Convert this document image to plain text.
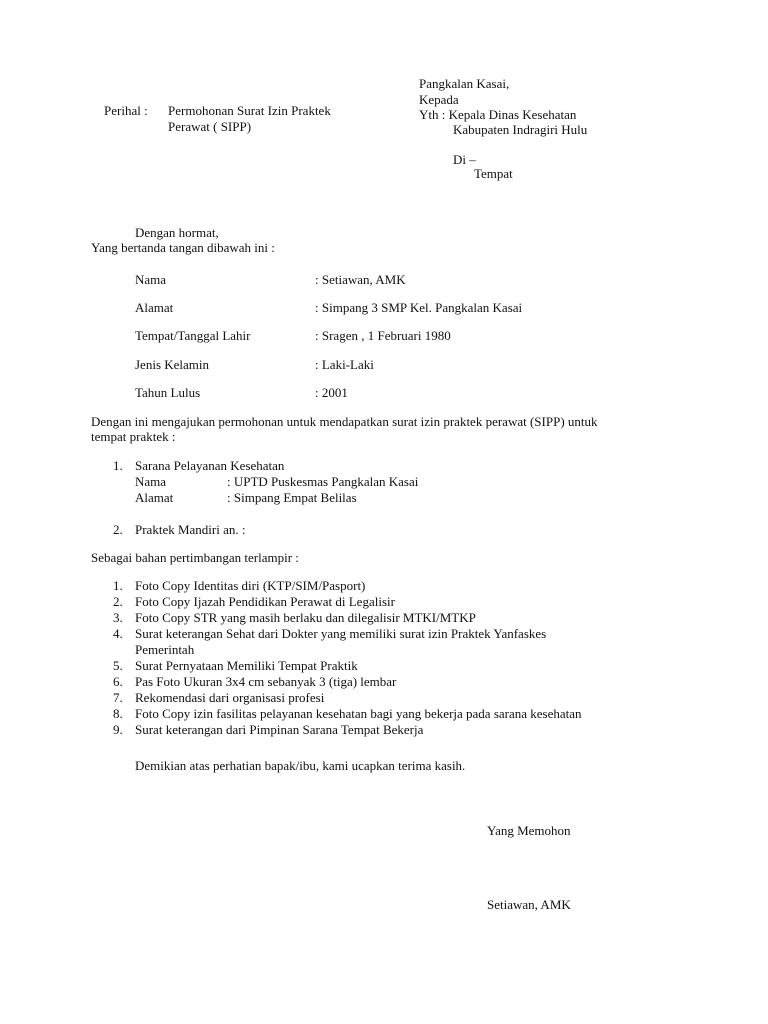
Pangkalan Kasai,
Kepada
Yth : Kepala Dinas Kesehatan
Kabupaten Indragiri Hulu
Di –
Tempat
Perihal : Permohonan Surat Izin Praktek
Perawat ( SIPP)
Dengan hormat,
Yang bertanda tangan dibawah ini :
Nama	: Setiawan, AMK
Alamat	: Simpang 3 SMP Kel. Pangkalan Kasai
Tempat/Tanggal Lahir	: Sragen , 1 Februari 1980
Jenis Kelamin	: Laki-Laki
Tahun Lulus	: 2001
Dengan ini mengajukan permohonan untuk mendapatkan surat izin praktek perawat (SIPP) untuk
tempat praktek :
1. Sarana Pelayanan Kesehatan
Nama	: UPTD Puskesmas Pangkalan Kasai
Alamat	: Simpang Empat Belilas
2. Praktek Mandiri an. :
Sebagai bahan pertimbangan terlampir :
1. Foto Copy Identitas diri (KTP/SIM/Pasport)
2. Foto Copy Ijazah Pendidikan Perawat di Legalisir
3. Foto Copy STR yang masih berlaku dan dilegalisir MTKI/MTKP
4. Surat keterangan Sehat dari Dokter yang memiliki surat izin Praktek Yanfaskes
Pemerintah
5. Surat Pernyataan Memiliki Tempat Praktik
6. Pas Foto Ukuran 3x4 cm sebanyak 3 (tiga) lembar
7. Rekomendasi dari organisasi profesi
8. Foto Copy izin fasilitas pelayanan kesehatan bagi yang bekerja pada sarana kesehatan
9. Surat keterangan dari Pimpinan Sarana Tempat Bekerja
Demikian atas perhatian bapak/ibu, kami ucapkan terima kasih.
Yang Memohon
Setiawan, AMK
